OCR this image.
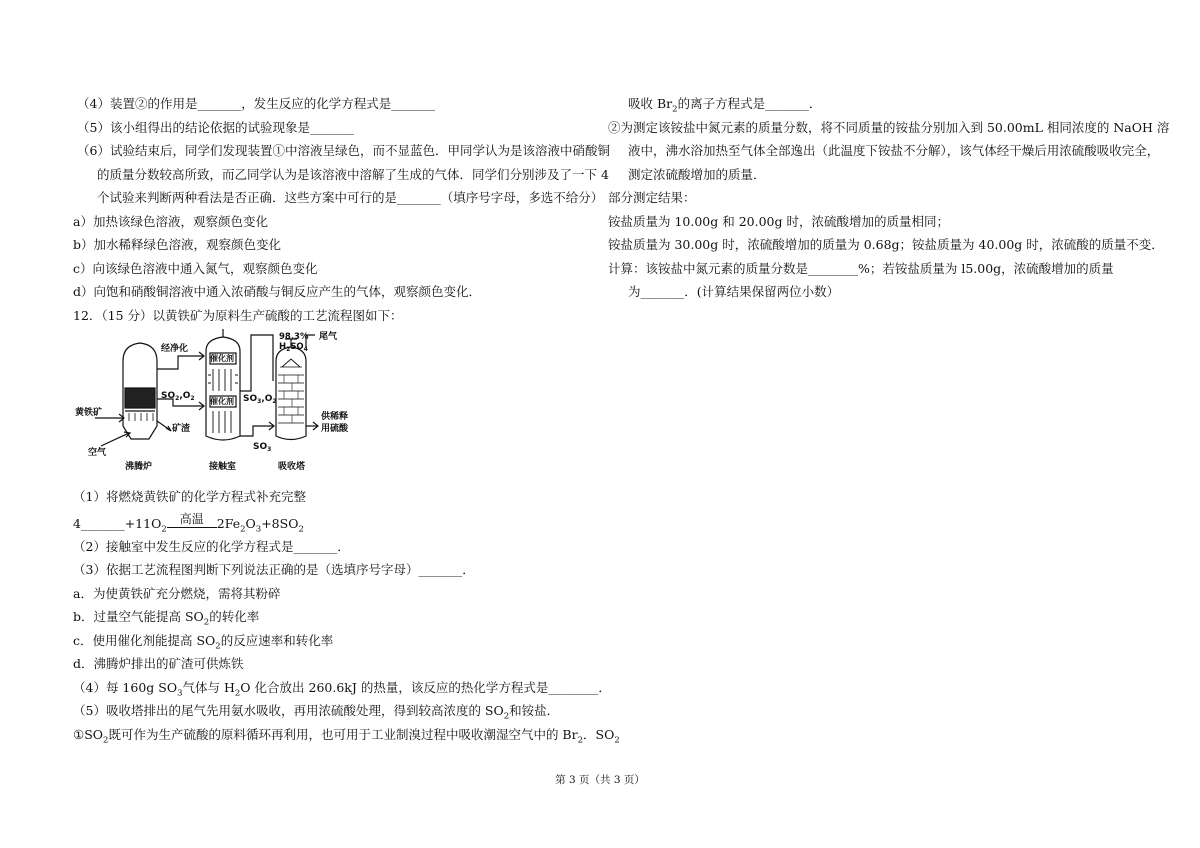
（4）装置②的作用是_______，发生反应的化学方程式是_______
（5）该小组得出的结论依据的试验现象是_______
（6）试验结束后，同学们发现装置①中溶液呈绿色，而不显蓝色．甲同学认为是该溶液中硝酸铜
的质量分数较高所致，而乙同学认为是该溶液中溶解了生成的气体．同学们分别涉及了一下 4
个试验来判断两种看法是否正确．这些方案中可行的是_______（填序号字母，多选不给分）
a）加热该绿色溶液，观察颜色变化
b）加水稀释绿色溶液，观察颜色变化
c）向该绿色溶液中通入氮气，观察颜色变化
d）向饱和硝酸铜溶液中通入浓硝酸与铜反应产生的气体，观察颜色变化．
12．（15 分）以黄铁矿为原料生产硫酸的工艺流程图如下：
经净化
$SO_2,O_2$
黄铁矿
矿渣
空气
沸腾炉
催化剂
催化剂 $SO_3,O_2$
$SO_3$
接触室
98.3%
$H_2SO_4$
尾气
供稀释
用硫酸
吸收塔
（1）将燃烧黄铁矿的化学方程式补充完整
$4\_\_\_\_\_\_\_+11O_2$
高温	$2Fe_2O_3+8SO_2$
（2）接触室中发生反应的化学方程式是_______．
（3）依据工艺流程图判断下列说法正确的是（选填序号字母）_______．
a．为使黄铁矿充分燃烧，需将其粉碎
b．过量空气能提高 $SO_2$的转化率
c．使用催化剂能提高 $SO_2$的反应速率和转化率
d．沸腾炉排出的矿渣可供炼铁
（4）每 160g $SO_3$气体与 $H_2O$ 化合放出 260.6kJ 的热量，该反应的热化学方程式是________．
（5）吸收塔排出的尾气先用氨水吸收，再用浓硫酸处理，得到较高浓度的 $SO_2$和铵盐．
$①SO_2$既可作为生产硫酸的原料循环再利用，也可用于工业制溴过程中吸收潮湿空气中的 $Br_2$．$SO_2$
吸收 $Br_2$的离子方程式是_______．
②为测定该铵盐中氮元素的质量分数，将不同质量的铵盐分别加入到 50.00mL 相同浓度的 NaOH 溶
液中，沸水浴加热至气体全部逸出（此温度下铵盐不分解），该气体经干燥后用浓硫酸吸收完全，
测定浓硫酸增加的质量．
部分测定结果：
铵盐质量为 10.00g 和 20.00g 时，浓硫酸增加的质量相同；
铵盐质量为 30.00g 时，浓硫酸增加的质量为 0.68g；铵盐质量为 40.00g 时，浓硫酸的质量不变．
计算：该铵盐中氮元素的质量分数是________%；若铵盐质量为 l5.00g，浓硫酸增加的质量
为_______．(计算结果保留两位小数）
第 3 页（共 3 页）
